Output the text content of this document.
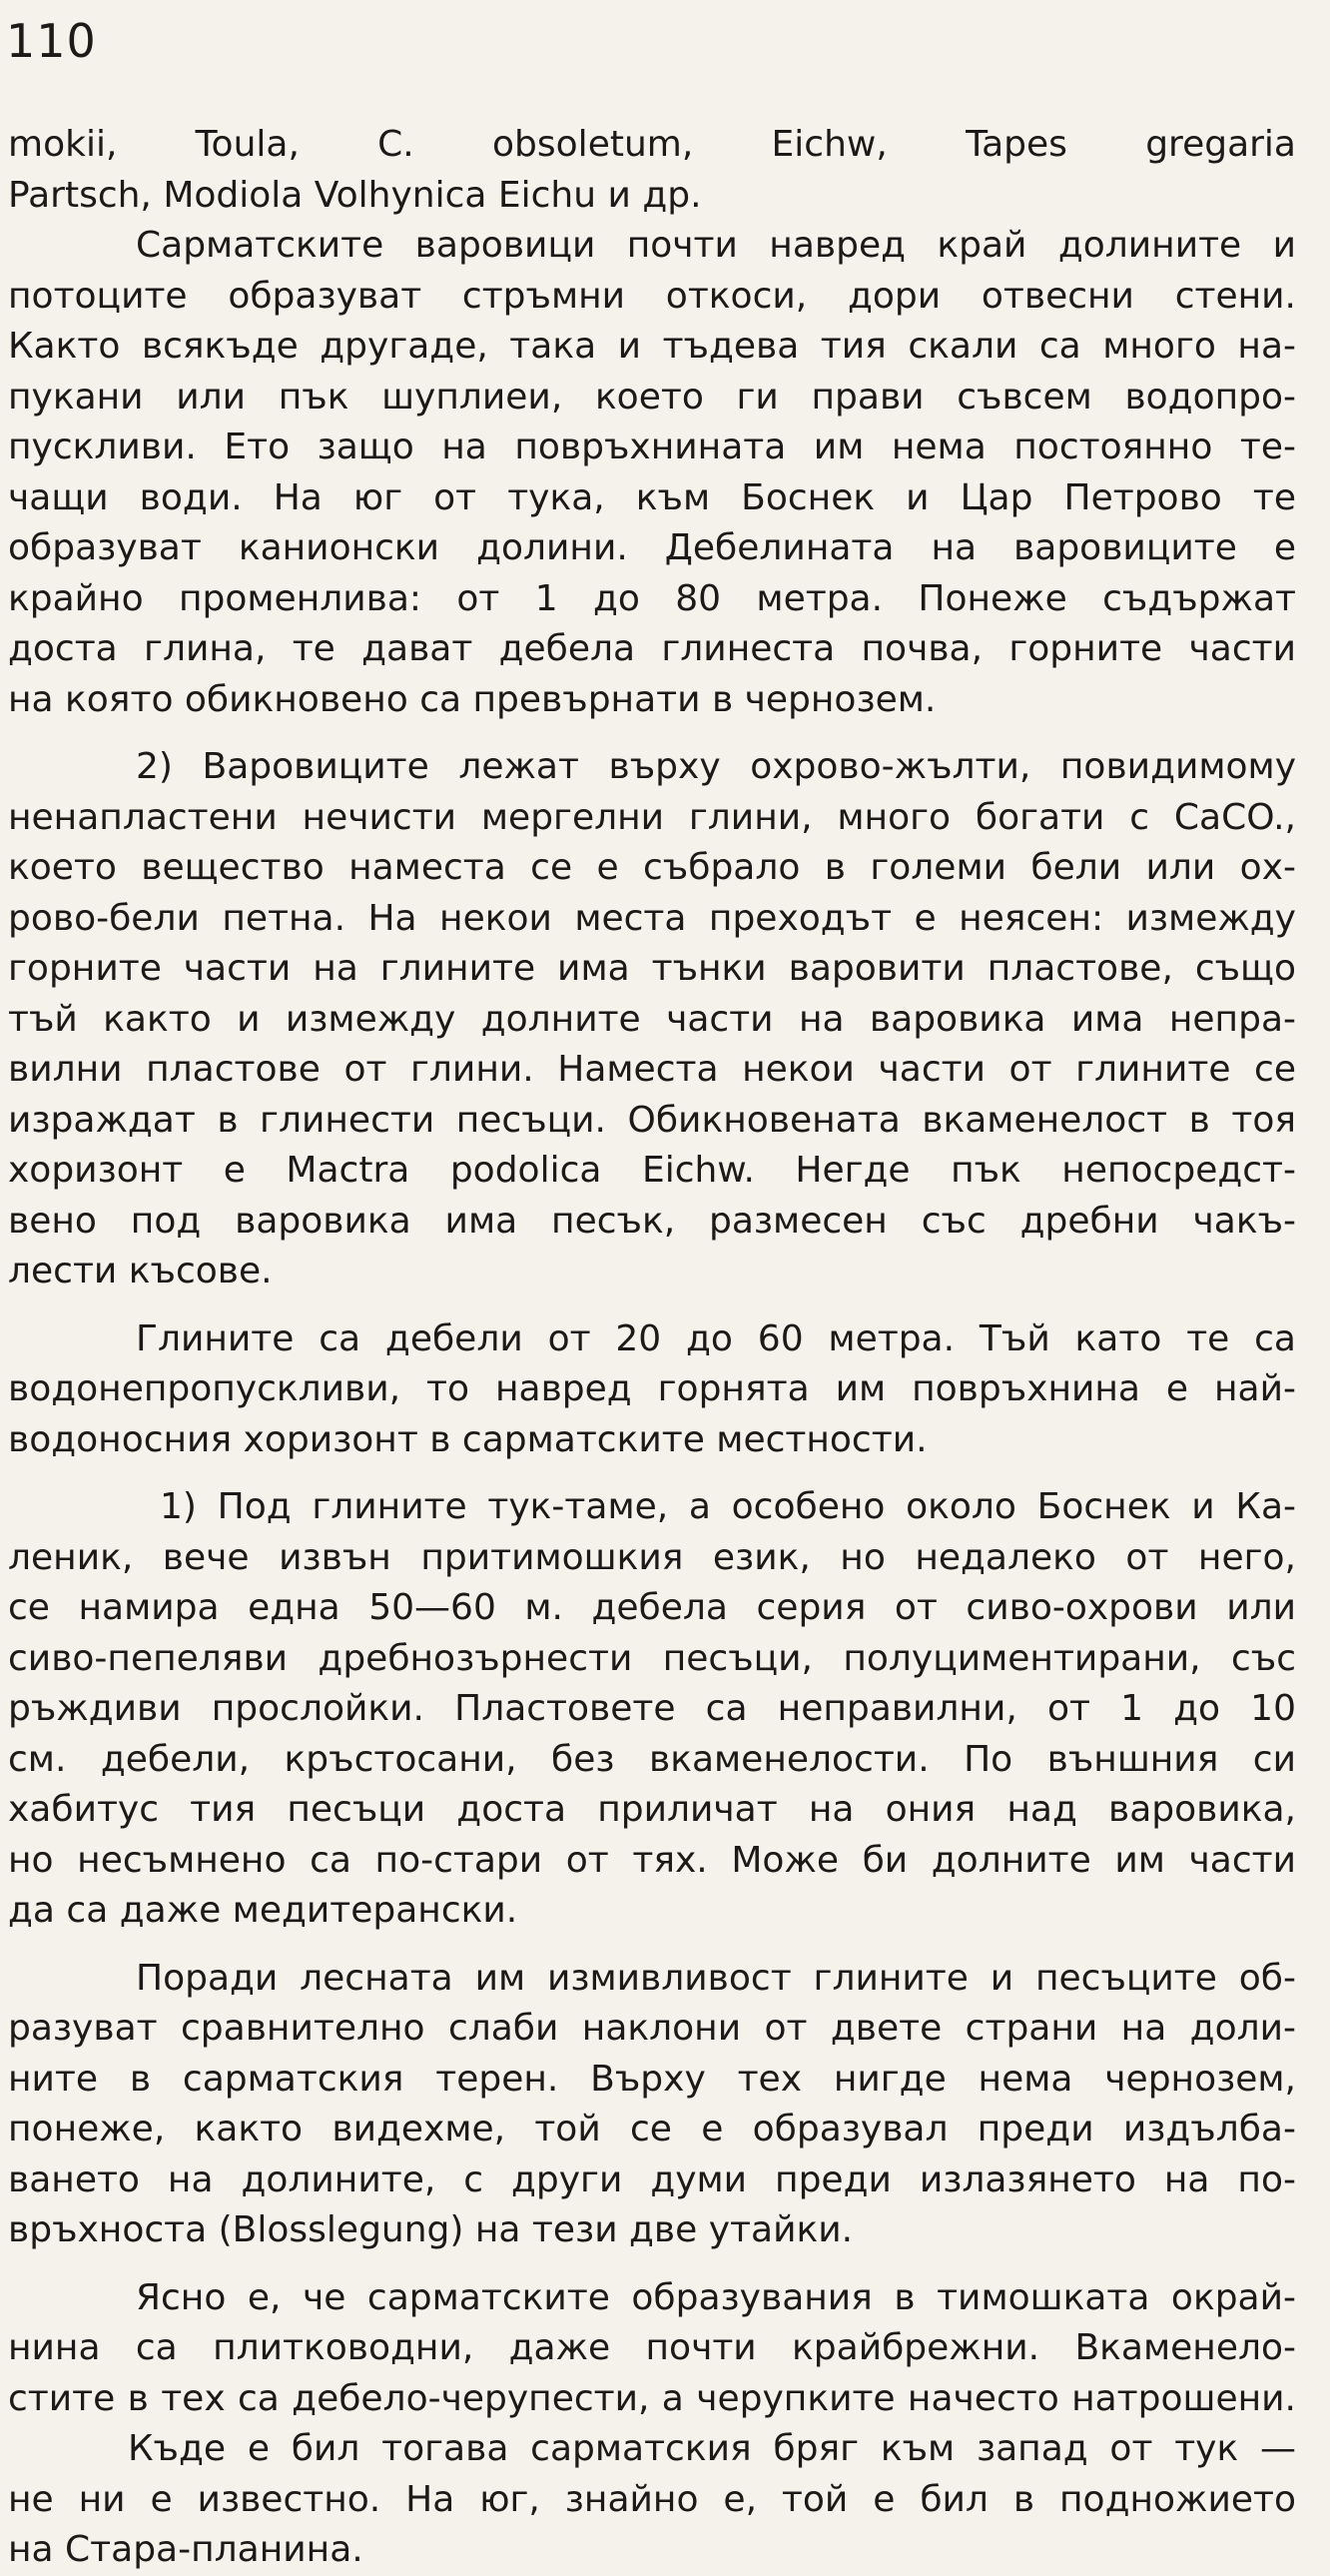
110
mokii, Toula, C. obsoletum, Eichw, Tapes gregaria
Partsch, Modiola Volhynica Eichu и др.
Сарматските варовици почти навред край долините и
потоците образуват стръмни откоси, дори отвесни стени.
Както всякъде другаде, така и тъдева тия скали са много на-
пукани или пък шуплиеи, което ги прави съвсем водопро-
пускливи. Ето защо на повръхнината им нема постоянно те-
чащи води. На юг от тука, към Боснек и Цар Петрово те
образуват канионски долини. Дебелината на варовиците е
крайно променлива: от 1 до 80 метра. Понеже съдържат
доста глина, те дават дебела глинеста почва, горните части
на която обикновено са превърнати в чернозем.
2) Варовиците лежат върху охрово-жълти, повидимому
ненапластени нечисти мергелни глини, много богати с CaCO.,
което вещество наместа се е събрало в големи бели или ох-
рово-бели петна. На некои места преходът е неясен: измежду
горните части на глините има тънки варовити пластове, също
тъй както и измежду долните части на варовика има непра-
вилни пластове от глини. Наместа некои части от глините се
израждат в глинести песъци. Обикновената вкаменелост в тоя
хоризонт е Mactra podolica Eichw. Негде пък непосредст-
вено под варовика има песък, размесен със дребни чакъ-
лести късове.
Глините са дебели от 20 до 60 метра. Тъй като те са
водонепропускливи, то навред горнята им повръхнина е най-
водоносния хоризонт в сарматските местности.
1) Под глините тук-таме, а особено около Боснек и Ка-
леник, вече извън притимошкия език, но недалеко от него,
се намира една 50—60 м. дебела серия от сиво-охрови или
сиво-пепеляви дребнозърнести песъци, полуциментирани, със
ръждиви прослойки. Пластовете са неправилни, от 1 до 10
см. дебели, кръстосани, без вкаменелости. По външния си
хабитус тия песъци доста приличат на ония над варовика,
но несъмнено са по-стари от тях. Може би долните им части
да са даже медитерански.
Поради лесната им измивливост глините и песъците об-
разуват сравнително слаби наклони от двете страни на доли-
ните в сарматския терен. Върху тех нигде нема чернозем,
понеже, както видехме, той се е образувал преди издълба-
ването на долините, с други думи преди излазянето на по-
връхноста (Blosslegung) на тези две утайки.
Ясно е, че сарматските образувания в тимошката окрай-
нина са плитководни, даже почти крайбрежни. Вкаменело-
стите в тех са дебело-черупести, а черупките начесто натрошени.
Къде е бил тогава сарматския бряг към запад от тук —
не ни е известно. На юг, знайно е, той е бил в подножието
на Стара-планина.
